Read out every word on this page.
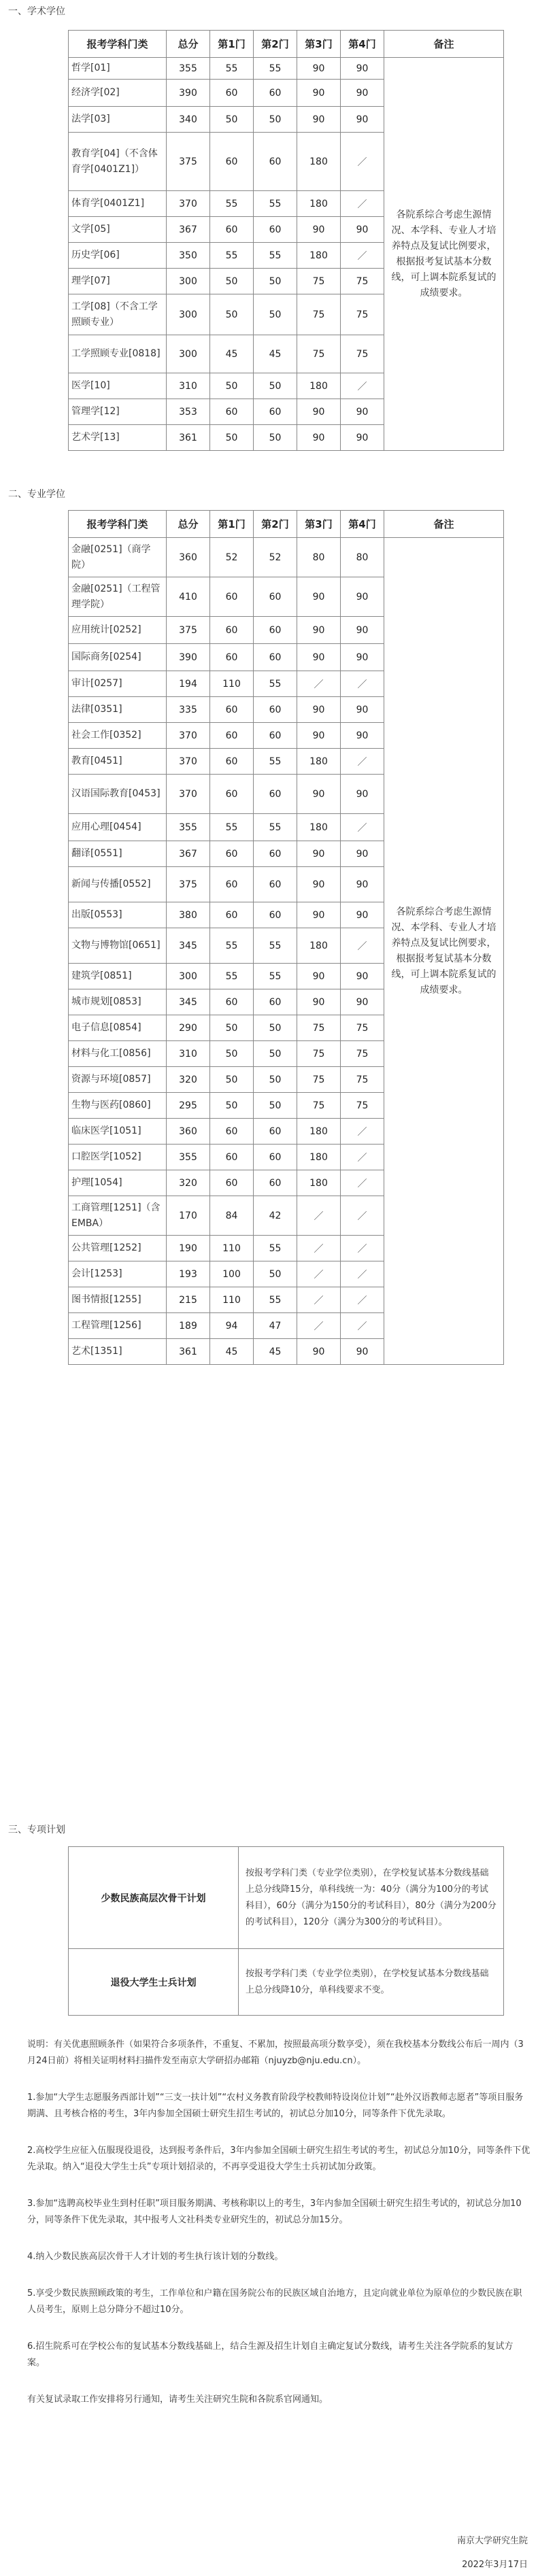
一、学术学位
报考学科门类	总分	第1门	第2门	第3门	第4门	备注
哲学[01]	355	55	55	90	90	各院系综合考虑生源情况、本学科、专业人才培养特点及复试比例要求，根据报考复试基本分数线，可上调本院系复试的成绩要求。
经济学[02]	390	60	60	90	90	
法学[03]	340	50	50	90	90	
教育学[04]（不含体育学[0401Z1]）	375	60	60	180	／	
体育学[0401Z1]	370	55	55	180	／	
文学[05]	367	60	60	90	90	
历史学[06]	350	55	55	180	／	
理学[07]	300	50	50	75	75	
工学[08]（不含工学照顾专业）	300	50	50	75	75	
工学照顾专业[0818]	300	45	45	75	75	
医学[10]	310	50	50	180	／	
管理学[12]	353	60	60	90	90	
艺术学[13]	361	50	50	90	90	
二、专业学位
报考学科门类	总分	第1门	第2门	第3门	第4门	备注
金融[0251]（商学院）	360	52	52	80	80	各院系综合考虑生源情况、本学科、专业人才培养特点及复试比例要求，根据报考复试基本分数线，可上调本院系复试的成绩要求。
金融[0251]（工程管理学院）	410	60	60	90	90	
应用统计[0252]	375	60	60	90	90	
国际商务[0254]	390	60	60	90	90	
审计[0257]	194	110	55	／	／	
法律[0351]	335	60	60	90	90	
社会工作[0352]	370	60	60	90	90	
教育[0451]	370	60	55	180	／	
汉语国际教育[0453]	370	60	60	90	90	
应用心理[0454]	355	55	55	180	／	
翻译[0551]	367	60	60	90	90	
新闻与传播[0552]	375	60	60	90	90	
出版[0553]	380	60	60	90	90	
文物与博物馆[0651]	345	55	55	180	／	
建筑学[0851]	300	55	55	90	90	
城市规划[0853]	345	60	60	90	90	
电子信息[0854]	290	50	50	75	75	
材料与化工[0856]	310	50	50	75	75	
资源与环境[0857]	320	50	50	75	75	
生物与医药[0860]	295	50	50	75	75	
临床医学[1051]	360	60	60	180	／	
口腔医学[1052]	355	60	60	180	／	
护理[1054]	320	60	60	180	／	
工商管理[1251]（含EMBA）	170	84	42	／	／	
公共管理[1252]	190	110	55	／	／	
会计[1253]	193	100	50	／	／	
图书情报[1255]	215	110	55	／	／	
工程管理[1256]	189	94	47	／	／	
艺术[1351]	361	45	45	90	90	
三、专项计划
少数民族高层次骨干计划	按报考学科门类（专业学位类别），在学校复试基本分数线基础上总分线降15分，单科线统一为：40分（满分为100分的考试科目），60分（满分为150分的考试科目），80分（满分为200分的考试科目），120分（满分为300分的考试科目）。
退役大学生士兵计划	按报考学科门类（专业学位类别），在学校复试基本分数线基础上总分线降10分，单科线要求不变。

说明：有关优惠照顾条件（如果符合多项条件，不重复、不累加，按照最高项分数享受），须在我校基本分数线公布后一周内（3月24日前）将相关证明材料扫描件发至南京大学研招办邮箱（njuyzb@nju.edu.cn）。

1.参加“大学生志愿服务西部计划”“三支一扶计划”“农村义务教育阶段学校教师特设岗位计划”“赴外汉语教师志愿者”等项目服务期满、且考核合格的考生，3年内参加全国硕士研究生招生考试的，初试总分加10分，同等条件下优先录取。

2.高校学生应征入伍服现役退役，达到报考条件后，3年内参加全国硕士研究生招生考试的考生，初试总分加10分，同等条件下优先录取。纳入“退役大学生士兵”专项计划招录的，不再享受退役大学生士兵初试加分政策。

3.参加“选聘高校毕业生到村任职”项目服务期满、考核称职以上的考生，3年内参加全国硕士研究生招生考试的，初试总分加10分，同等条件下优先录取，其中报考人文社科类专业研究生的，初试总分加15分。

4.纳入少数民族高层次骨干人才计划的考生执行该计划的分数线。

5.享受少数民族照顾政策的考生，工作单位和户籍在国务院公布的民族区域自治地方，且定向就业单位为原单位的少数民族在职人员考生，原则上总分降分不超过10分。

6.招生院系可在学校公布的复试基本分数线基础上，结合生源及招生计划自主确定复试分数线，请考生关注各学院系的复试方案。

有关复试录取工作安排将另行通知，请考生关注研究生院和各院系官网通知。

南京大学研究生院
2022年3月17日
